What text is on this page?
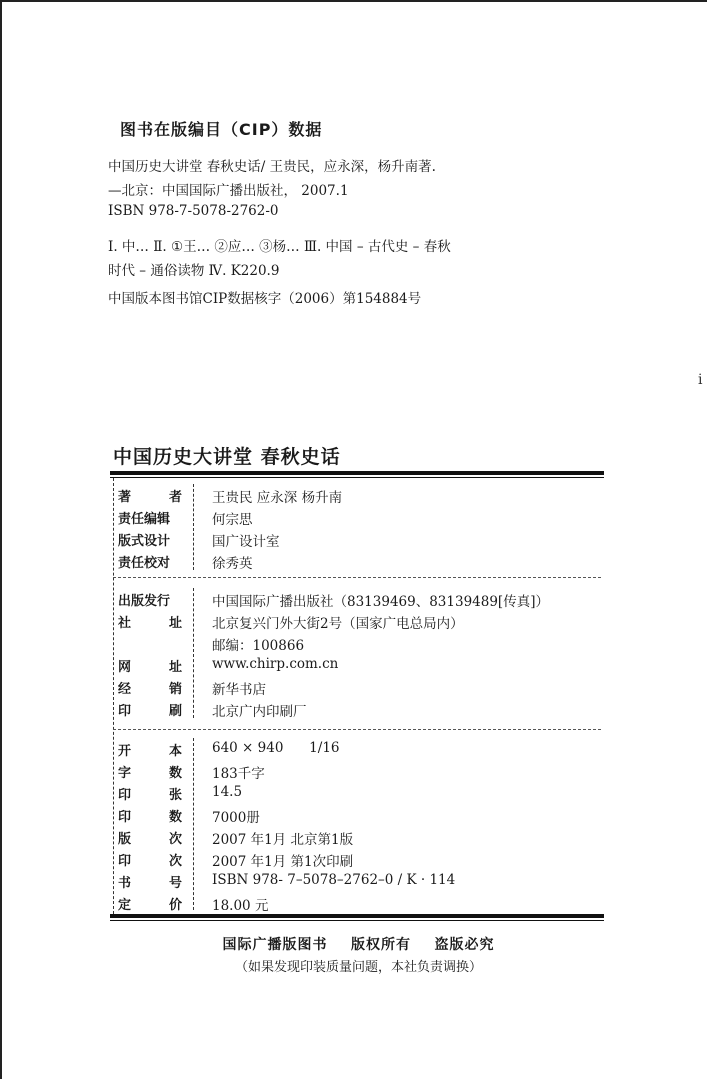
i
图书在版编目（CIP）数据
中国历史大讲堂 春秋史话/ 王贵民，应永深，杨升南著.
—北京：中国国际广播出版社， 2007.1
ISBN 978-7-5078-2762-0
Ⅰ. 中… Ⅱ. ①王… ②应… ③杨… Ⅲ. 中国 – 古代史 – 春秋
时代 – 通俗读物 Ⅳ. K220.9
中国版本图书馆CIP数据核字（2006）第154884号
中国历史大讲堂 春秋史话
著	者 王贵民 应永深 杨升南
责任编辑	何宗思
版式设计	国广设计室
责任校对	徐秀英
出版发行	中国国际广播出版社（83139469、83139489[传真]）
社	址 北京复兴门外大街2号（国家广电总局内）
邮编：100866
网	址 www.chirp.com.cn
经	销 新华书店
印	刷 北京广内印刷厂
开	本 640 × 940      1/16
字	数 183千字
印	张 14.5
印	数 7000册
版	次 2007 年1月 北京第1版
印	次 2007 年1月 第1次印刷
书	号 ISBN 978- 7–5078–2762–0 / K · 114
定	价 18.00 元
国际广播版图书    版权所有    盗版必究
（如果发现印装质量问题，本社负责调换）
